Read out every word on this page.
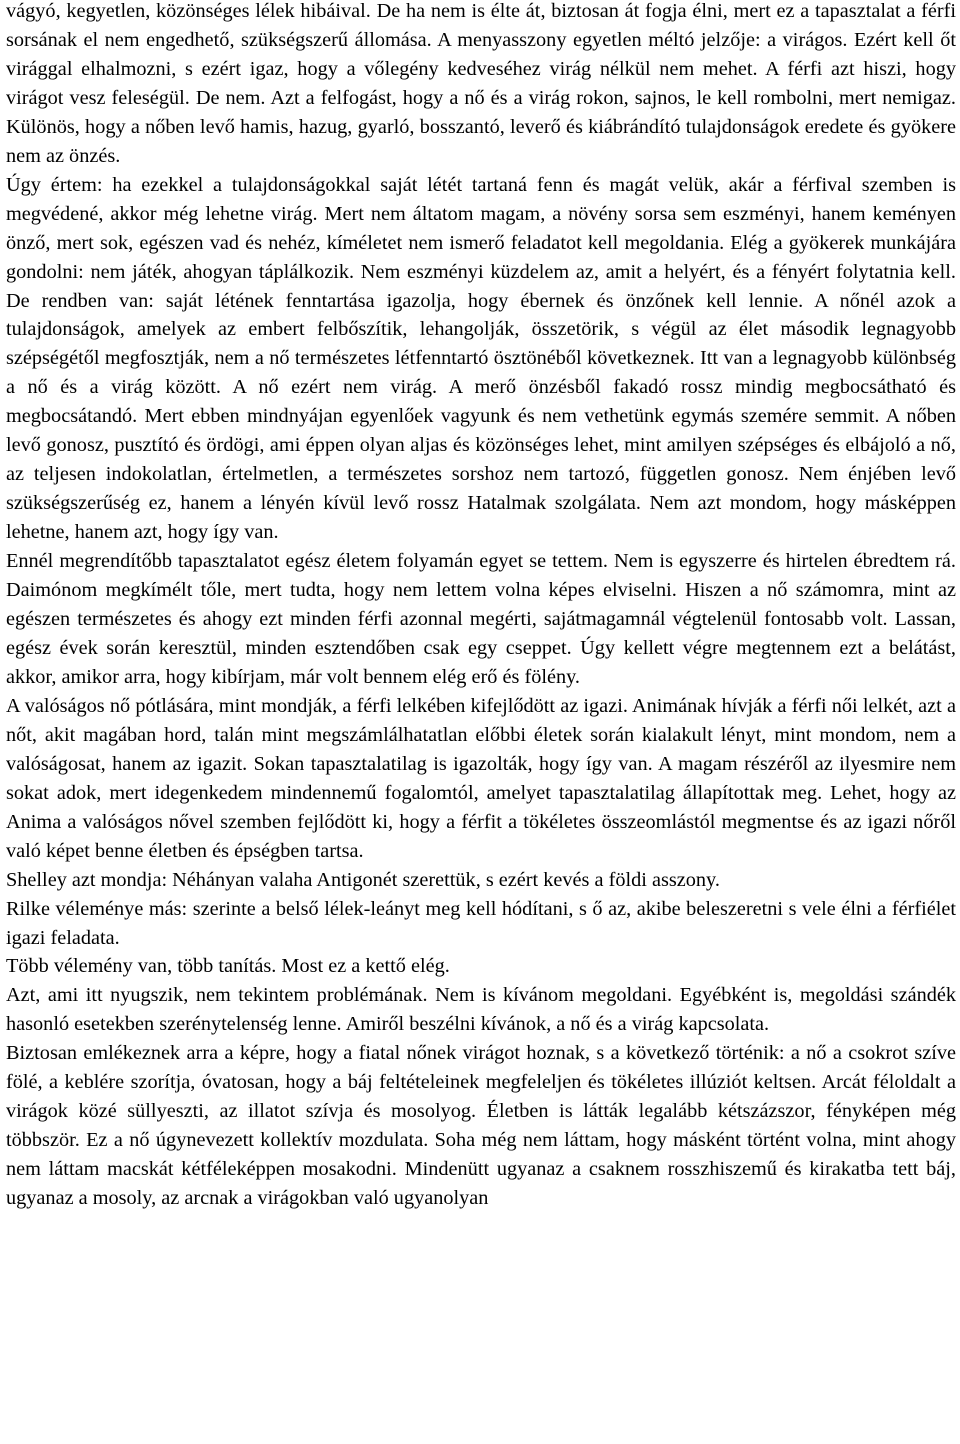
vágyó, kegyetlen, közönséges lélek hibáival. De ha nem is élte át, biztosan át fogja élni, mert ez a tapasztalat a férfi sorsának el nem engedhető, szükségszerű állomása. A menyasszony egyetlen méltó jelzője: a virágos. Ezért kell őt virággal elhalmozni, s ezért igaz, hogy a vőlegény kedveséhez virág nélkül nem mehet. A férfi azt hiszi, hogy virágot vesz feleségül. De nem. Azt a felfogást, hogy a nő és a virág rokon, sajnos, le kell rombolni, mert nemigaz. Különös, hogy a nőben levő hamis, hazug, gyarló, bosszantó, leverő és kiábrándító tulajdonságok eredete és gyökere nem az önzés.

Úgy értem: ha ezekkel a tulajdonságokkal saját létét tartaná fenn és magát velük, akár a férfival szemben is megvédené, akkor még lehetne virág. Mert nem áltatom magam, a növény sorsa sem eszményi, hanem keményen önző, mert sok, egészen vad és nehéz, kíméletet nem ismerő feladatot kell megoldania. Elég a gyökerek munkájára gondolni: nem játék, ahogyan táplálkozik. Nem eszményi küzdelem az, amit a helyért, és a fényért folytatnia kell. De rendben van: saját létének fenntartása igazolja, hogy ébernek és önzőnek kell lennie. A nőnél azok a tulajdonságok, amelyek az embert felbőszítik, lehangolják, összetörik, s végül az élet második legnagyobb szépségétől megfosztják, nem a nő természetes létfenntartó ösztönéből következnek. Itt van a legnagyobb különbség a nő és a virág között. A nő ezért nem virág. A merő önzésből fakadó rossz mindig megbocsátható és megbocsátandó. Mert ebben mindnyájan egyenlőek vagyunk és nem vethetünk egymás szemére semmit. A nőben levő gonosz, pusztító és ördögi, ami éppen olyan aljas és közönséges lehet, mint amilyen szépséges és elbájoló a nő, az teljesen indokolatlan, értelmetlen, a természetes sorshoz nem tartozó, független gonosz. Nem énjében levő szükségszerűség ez, hanem a lényén kívül levő rossz Hatalmak szolgálata. Nem azt mondom, hogy másképpen lehetne, hanem azt, hogy így van.

Ennél megrendítőbb tapasztalatot egész életem folyamán egyet se tettem. Nem is egyszerre és hirtelen ébredtem rá. Daimónom megkímélt tőle, mert tudta, hogy nem lettem volna képes elviselni. Hiszen a nő számomra, mint az egészen természetes és ahogy ezt minden férfi azonnal megérti, sajátmagamnál végtelenül fontosabb volt. Lassan, egész évek során keresztül, minden esztendőben csak egy cseppet. Úgy kellett végre megtennem ezt a belátást, akkor, amikor arra, hogy kibírjam, már volt bennem elég erő és fölény.

A valóságos nő pótlására, mint mondják, a férfi lelkében kifejlődött az igazi. Animának hívják a férfi női lelkét, azt a nőt, akit magában hord, talán mint megszámlálhatatlan előbbi életek során kialakult lényt, mint mondom, nem a valóságosat, hanem az igazit. Sokan tapasztalatilag is igazolták, hogy így van. A magam részéről az ilyesmire nem sokat adok, mert idegenkedem mindennemű fogalomtól, amelyet tapasztalatilag állapítottak meg. Lehet, hogy az Anima a valóságos nővel szemben fejlődött ki, hogy a férfit a tökéletes összeomlástól megmentse és az igazi nőről való képet benne életben és épségben tartsa.

Shelley azt mondja: Néhányan valaha Antigonét szerettük, s ezért kevés a földi asszony.

Rilke véleménye más: szerinte a belső lélek-leányt meg kell hódítani, s ő az, akibe beleszeretni s vele élni a férfiélet igazi feladata.

Több vélemény van, több tanítás. Most ez a kettő elég.

Azt, ami itt nyugszik, nem tekintem problémának. Nem is kívánom megoldani. Egyébként is, megoldási szándék hasonló esetekben szerénytelenség lenne. Amiről beszélni kívánok, a nő és a virág kapcsolata.

Biztosan emlékeznek arra a képre, hogy a fiatal nőnek virágot hoznak, s a következő történik: a nő a csokrot szíve fölé, a keblére szorítja, óvatosan, hogy a báj feltételeinek megfeleljen és tökéletes illúziót keltsen. Arcát féloldalt a virágok közé süllyeszti, az illatot szívja és mosolyog. Életben is látták legalább kétszázszor, fényképen még többször. Ez a nő úgynevezett kollektív mozdulata. Soha még nem láttam, hogy másként történt volna, mint ahogy nem láttam macskát kétféleképpen mosakodni. Mindenütt ugyanaz a csaknem rosszhiszemű és kirakatba tett báj, ugyanaz a mosoly, az arcnak a virágokban való ugyanolyan
